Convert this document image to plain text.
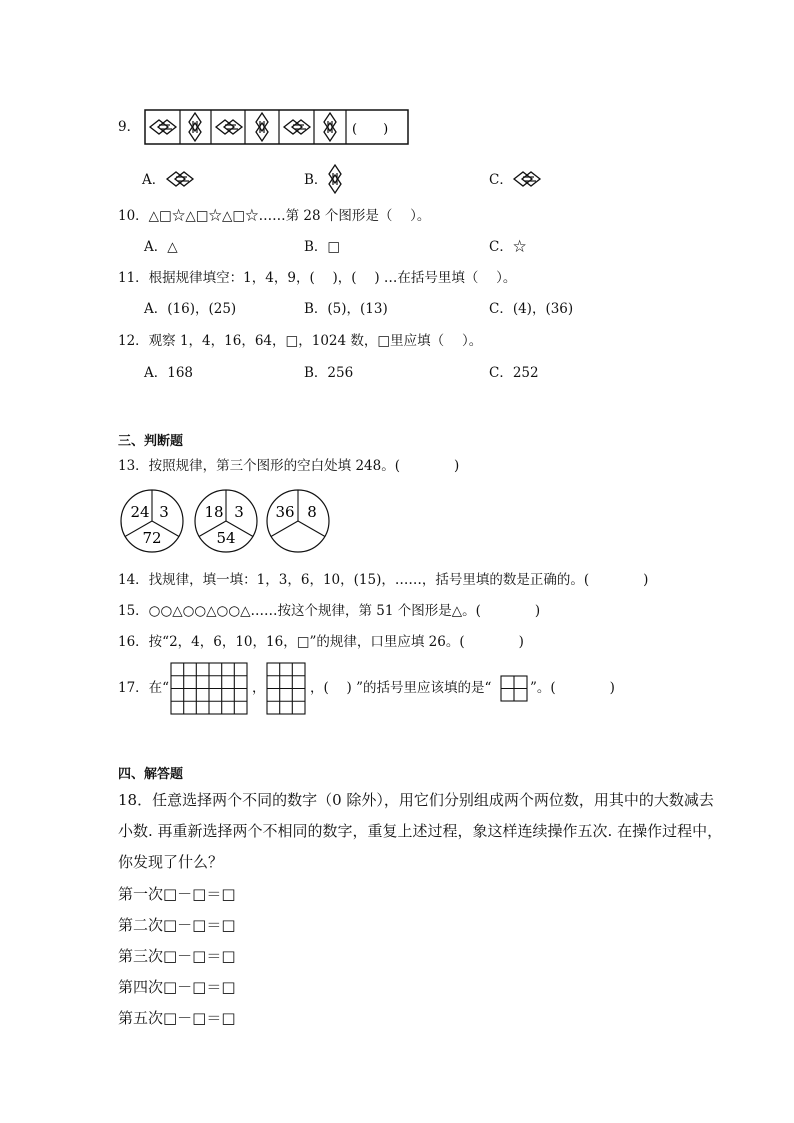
9．	(　　)
A．	B．	C．
10．△□☆△□☆△□☆……第 28 个图形是（　 ）。
A．△	B．□	C．☆
11．根据规律填空：1，4，9，(　 )，(　 ) …在括号里填（　 ）。
A．(16)，(25)	B．(5)，(13)	C．(4)，(36)
12．观察 1，4，16，64，□，1024 数，□里应填（　 ）。
A．168	B．256	C．252
三、判断题
13．按照规律，第三个图形的空白处填 248。(　　　　)
24 3
72
18 3
54
36 8
14．找规律，填一填：1，3，6，10，(15)，……，括号里填的数是正确的。(　　　　)
15．○○△○○△○○△……按这个规律，第 51 个图形是△。(　　　　)
16．按“2，4，6，10，16，□”的规律，口里应填 26。(　　　　)
17．在“	，	，(　 ) ”的括号里应该填的是“	”。(　　　　)
四、解答题
18．任意选择两个不同的数字（0 除外），用它们分别组成两个两位数，用其中的大数减去
小数. 再重新选择两个不相同的数字，重复上述过程，象这样连续操作五次. 在操作过程中，
你发现了什么？
第一次□－□＝□
第二次□－□＝□
第三次□－□＝□
第四次□－□＝□
第五次□－□＝□
